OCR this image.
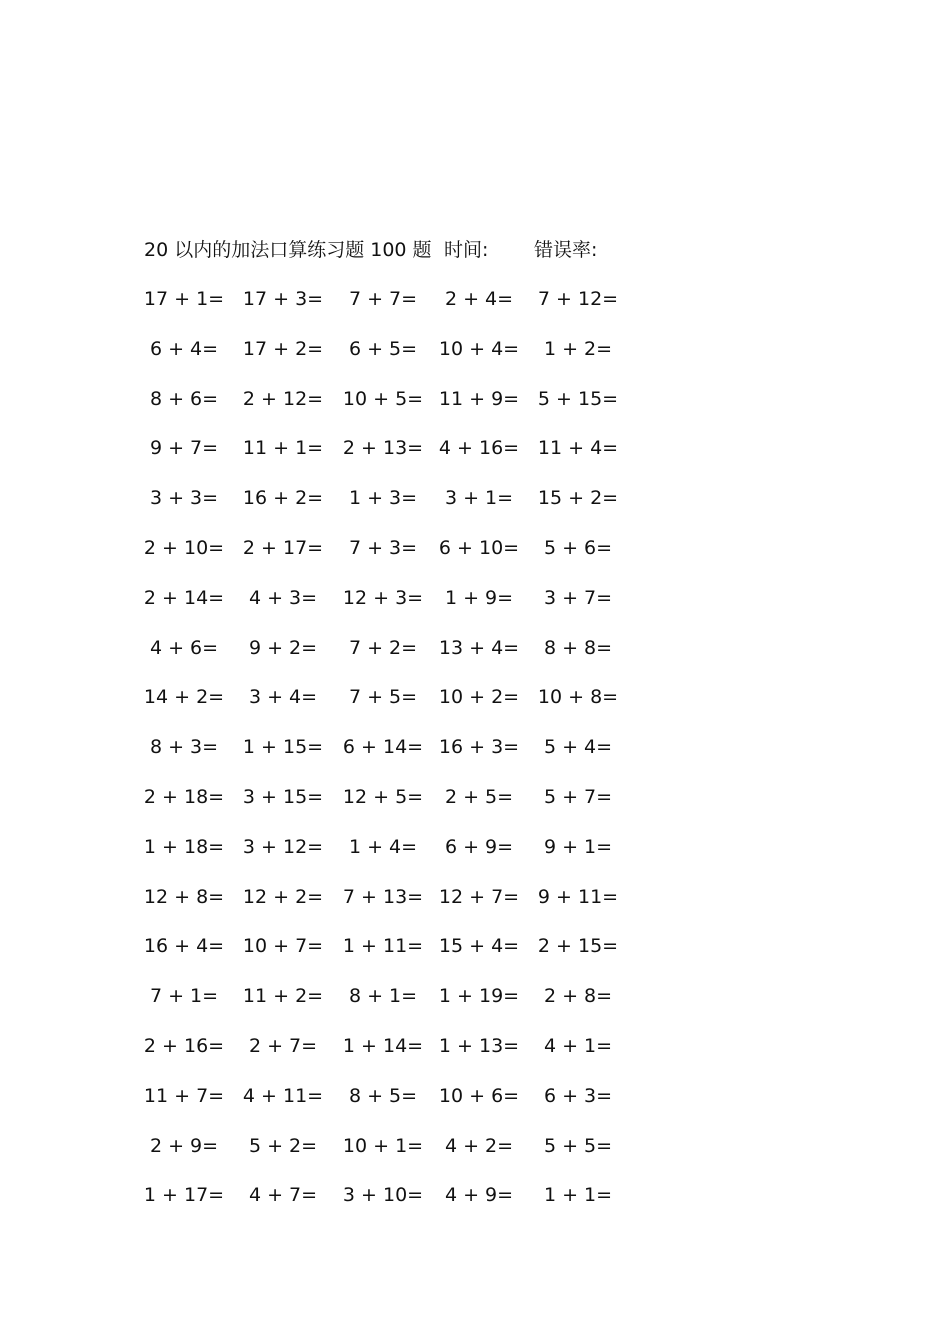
20 以内的加法口算练习题 100 题 时间: 错误率:
17 + 1= 17 + 3=	7 + 7=	2 + 4=	7 + 12=
6 + 4=	17 + 2=	6 + 5=	10 + 4=	1 + 2=
8 + 6=	2 + 12= 10 + 5= 11 + 9= 5 + 15=
9 + 7=	11 + 1= 2 + 13= 4 + 16= 11 + 4=
3 + 3=	16 + 2=	1 + 3=	3 + 1=	15 + 2=
2 + 10= 2 + 17=	7 + 3=	6 + 10=	5 + 6=
2 + 14=	4 + 3=	12 + 3=	1 + 9=	3 + 7=
4 + 6=	9 + 2=	7 + 2=	13 + 4=	8 + 8=
14 + 2=	3 + 4=	7 + 5=	10 + 2= 10 + 8=
8 + 3=	1 + 15= 6 + 14= 16 + 3=	5 + 4=
2 + 18= 3 + 15= 12 + 5=	2 + 5=	5 + 7=
1 + 18= 3 + 12=	1 + 4=	6 + 9=	9 + 1=
12 + 8= 12 + 2= 7 + 13= 12 + 7= 9 + 11=
16 + 4= 10 + 7= 1 + 11= 15 + 4= 2 + 15=
7 + 1=	11 + 2=	8 + 1=	1 + 19=	2 + 8=
2 + 16=	2 + 7=	1 + 14= 1 + 13=	4 + 1=
11 + 7= 4 + 11=	8 + 5=	10 + 6=	6 + 3=
2 + 9=	5 + 2=	10 + 1=	4 + 2=	5 + 5=
1 + 17=	4 + 7=	3 + 10=	4 + 9=	1 + 1=
